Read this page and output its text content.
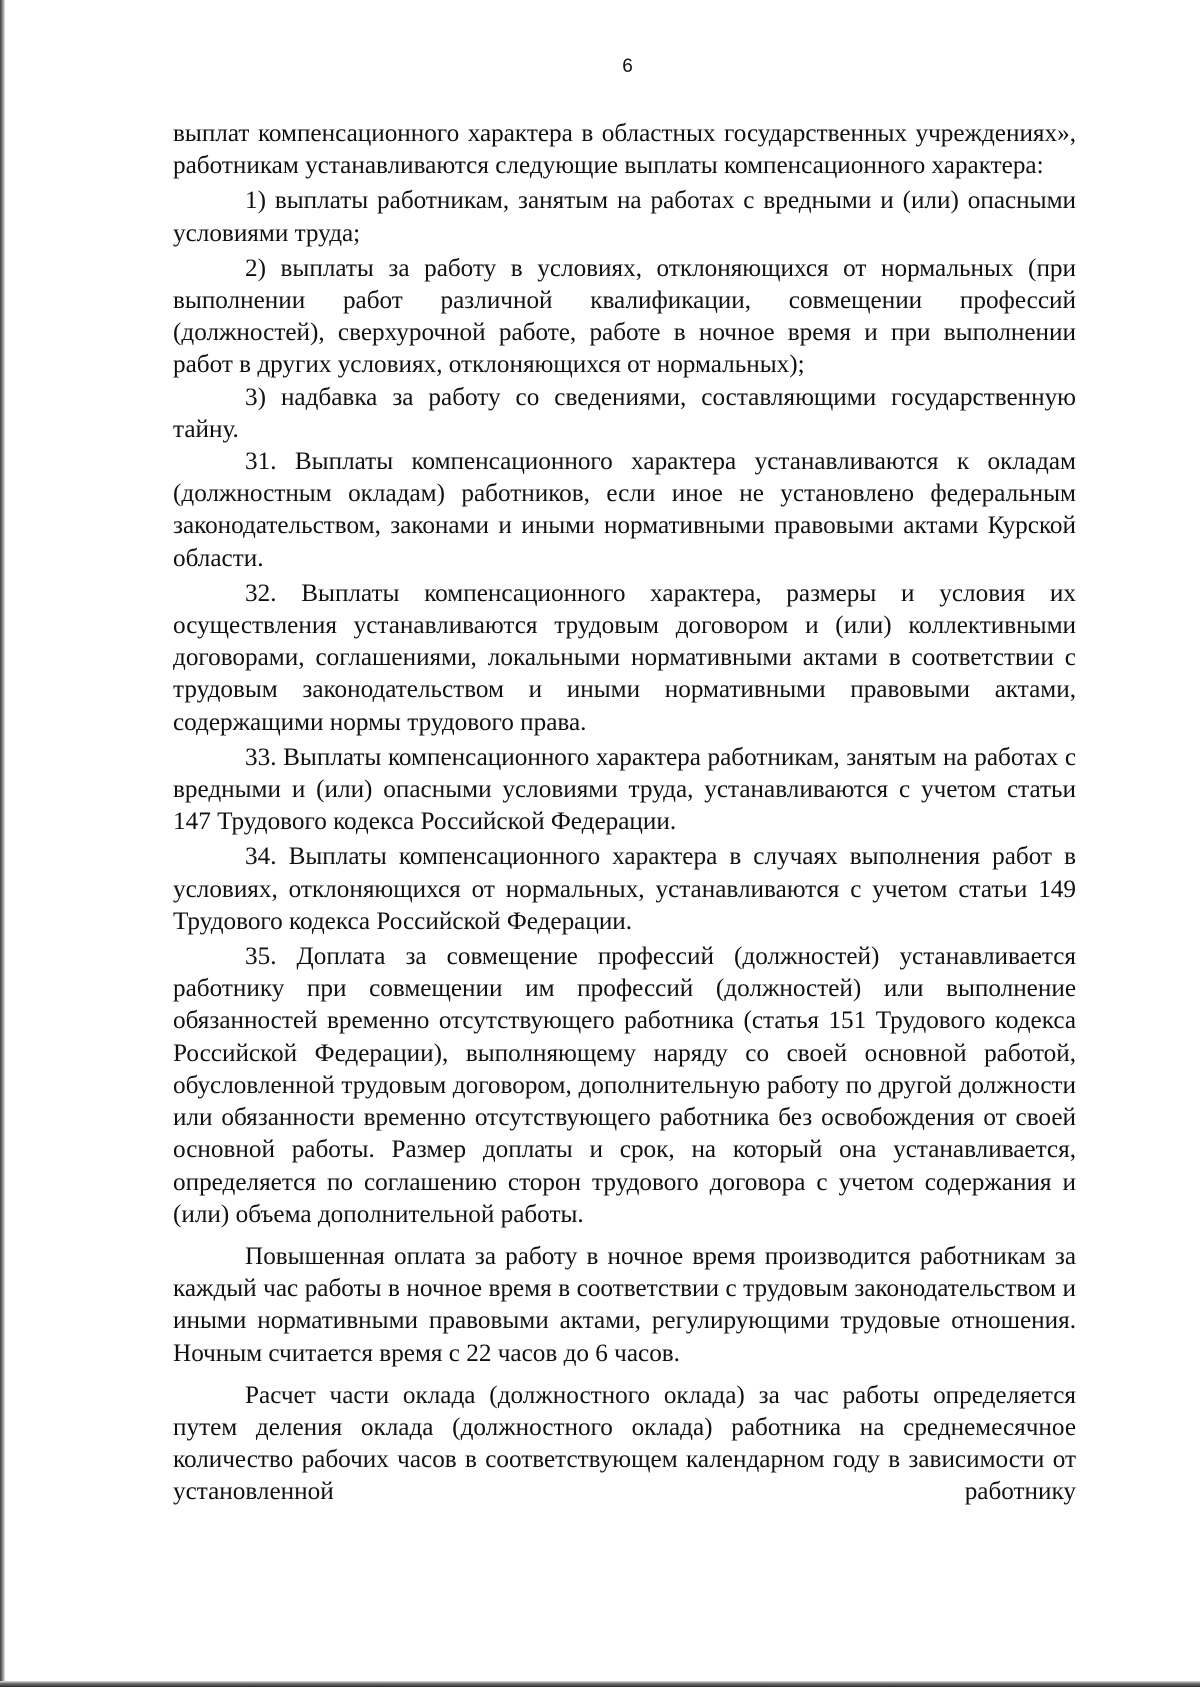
6

выплат компенсационного характера в областных государственных учреждениях», работникам устанавливаются следующие выплаты компенсационного характера:

1) выплаты работникам, занятым на работах с вредными и (или) опасными условиями труда;

2) выплаты за работу в условиях, отклоняющихся от нормальных (при выполнении работ различной квалификации, совмещении профессий (должностей), сверхурочной работе, работе в ночное время и при выполнении работ в других условиях, отклоняющихся от нормальных);

3) надбавка за работу со сведениями, составляющими государственную тайну.

31. Выплаты компенсационного характера устанавливаются к окладам (должностным окладам) работников, если иное не установлено федеральным законодательством, законами и иными нормативными правовыми актами Курской области.

32. Выплаты компенсационного характера, размеры и условия их осуществления устанавливаются трудовым договором и (или) коллективными договорами, соглашениями, локальными нормативными актами в соответствии с трудовым законодательством и иными нормативными правовыми актами, содержащими нормы трудового права.

33. Выплаты компенсационного характера работникам, занятым на работах с вредными и (или) опасными условиями труда, устанавливаются с учетом статьи 147 Трудового кодекса Российской Федерации.

34. Выплаты компенсационного характера в случаях выполнения работ в условиях, отклоняющихся от нормальных, устанавливаются с учетом статьи 149 Трудового кодекса Российской Федерации.

35. Доплата за совмещение профессий (должностей) устанавливается работнику при совмещении им профессий (должностей) или выполнение обязанностей временно отсутствующего работника (статья 151 Трудового кодекса Российской Федерации), выполняющему наряду со своей основной работой, обусловленной трудовым договором, дополнительную работу по другой должности или обязанности временно отсутствующего работника без освобождения от своей основной работы. Размер доплаты и срок, на который она устанавливается, определяется по соглашению сторон трудового договора с учетом содержания и (или) объема дополнительной работы.

Повышенная оплата за работу в ночное время производится работникам за каждый час работы в ночное время в соответствии с трудовым законодательством и иными нормативными правовыми актами, регулирующими трудовые отношения. Ночным считается время с 22 часов до 6 часов.

Расчет части оклада (должностного оклада) за час работы определяется путем деления оклада (должностного оклада) работника на среднемесячное количество рабочих часов в соответствующем календарном году в зависимости от установленной работнику
